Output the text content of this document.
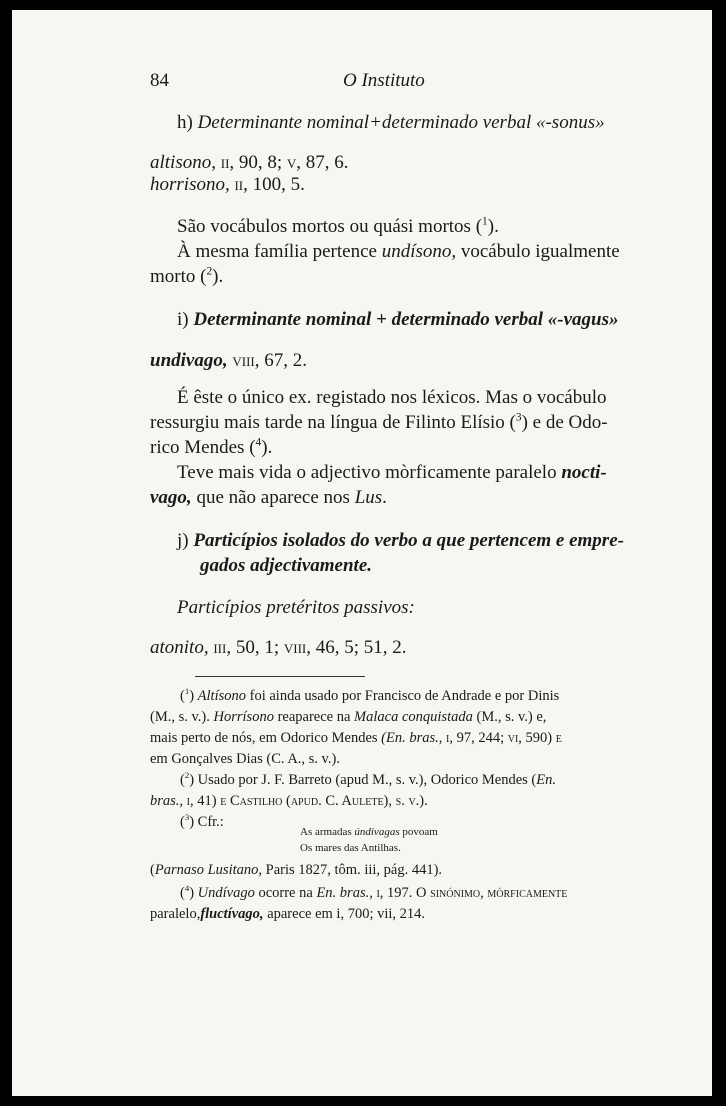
84	O Instituto
h) Determinante nominal+determinado verbal «-sonus»
altisono, ii, 90, 8; v, 87, 6.
horrisono, ii, 100, 5.
São vocábulos mortos ou quási mortos ($^1$).
À mesma família pertence undísono, vocábulo igualmente
morto ($^2$).
i) Determinante nominal + determinado verbal «-vagus»
undivago, viii, 67, 2.
É êste o único ex. registado nos léxicos. Mas o vocábulo
ressurgiu mais tarde na língua de Filinto Elísio ($^3$) e de Odo-
rico Mendes ($^4$).
Teve mais vida o adjectivo mòrficamente paralelo nocti-
vago, que não aparece nos Lus.
j) Particípios isolados do verbo a que pertencem e empre-
gados adjectivamente.
Particípios pretéritos passivos:
atonito, iii, 50, 1; viii, 46, 5; 51, 2.
($^1$) Altísono foi ainda usado por Francisco de Andrade e por Dinis
(M., s. v.). Horrísono reaparece na Malaca conquistada (M., s. v.) e,
mais perto de nós, em Odorico Mendes (En. bras., i, 97, 244; vi, 590) e
em Gonçalves Dias (C. A., s. v.).
($^2$) Usado por J. F. Barreto (apud M., s. v.), Odorico Mendes (En.
bras., i, 41) e Castilho (apud. C. Aulete), s. v.).
($^3$) Cfr.:
As armadas úndivagas povoam
Os mares das Antilhas.
(Parnaso Lusitano, Paris 1827, tôm. iii, pág. 441).
($^4$) Undívago ocorre na En. bras., i, 197. O sinónimo, mòrficamente
paralelo,fluctívago, aparece em i, 700; vii, 214.
